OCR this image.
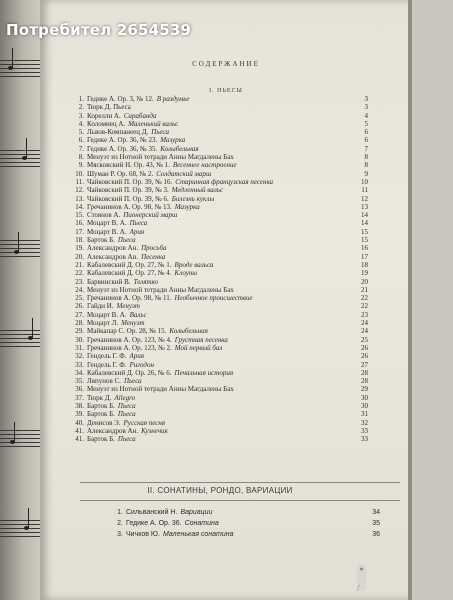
СОДЕРЖАНИЕ
I. ПЬЕСЫ
1. Гедике А. Ор. 3, № 12. В раздумье	3
2. Тюрк Д. Пьеса	3
3. Корелли А. Сарабанда	4
4. Коломиец А. Маленький вальс	5
5. Львов-Компанеец Д. Пьеса	6
6. Гедике А. Ор. 36, № 23. Мазурка	6
7. Гедике А. Ор. 36, № 35. Колыбельная	7
8. Менуэт из Нотной тетради Анны Магдалены Бах	8
9. Мясковский Н. Ор. 43, № 1. Весеннее настроение	8
10. Шуман Р. Ор. 68, № 2. Солдатский марш	9
11. Чайковский П. Ор. 39, № 16. Старинная французская песенка	10
12. Чайковский П. Ор. 39, № 3. Медленный вальс	11
13. Чайковский П. Ор. 39, № 6. Болезнь куклы	12
14. Гречанинов А. Ор. 98, № 13. Мазурка	13
15. Стоянов А. Пионерский марш	14
16. Моцарт В. А. Пьеса	14
17. Моцарт В. А. Ария	15
18. Барток Б. Пьеса	15
19. Александров Ан. Просьба	16
20. Александров Ан. Песенка	17
21. Кабалевский Д. Ор. 27, № 1. Вроде вальса	18
22. Кабалевский Д. Ор. 27, № 4. Клоуны	19
23. Барвинский В. Телятко	20
24. Менуэт из Нотной тетради Анны Магдалены Бах	21
25. Гречанинов А. Ор. 98, № 11. Необычное происшествие	22
26. Гайдн И. Менуэт	22
27. Моцарт В. А. Вальс	23
28. Моцарт Л. Менуэт	24
29. Майкапар С. Ор. 28, № 15. Колыбельная	24
30. Гречанинов А. Ор. 123, № 4. Грустная песенка	25
31. Гречанинов А. Ор. 123, № 2. Мой первый бал	26
32. Гендель Г. Ф. Ария	26
33. Гендель Г. Ф. Ригодон	27
34. Кабалевский Д. Ор. 26, № 6. Печальная история	28
35. Ляпунов С. Пьеса	28
36. Менуэт из Нотной тетради Анны Магдалены Бах	29
37. Тюрк Д. Allegro	30
38. Барток Б. Пьеса	30
39. Барток Б. Пьеса	31
40. Денисов Э. Русская песня	32
41. Александров Ан. Кузнечик	33
41. Барток Б. Пьеса	33
II. СОНАТИНЫ, РОНДО, ВАРИАЦИИ
1. Сильванский Н. Вариации	34
2. Гедике А. Ор. 36. Сонатина	35
3. Чичков Ю. Маленькая сонатина	36
Потребител 2654539
